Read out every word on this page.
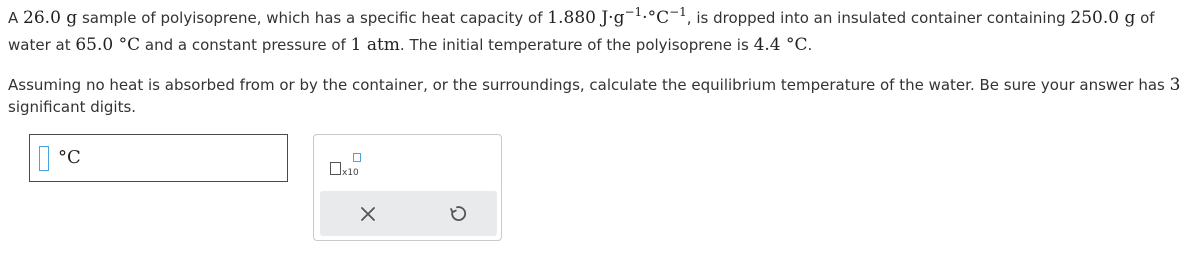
A 26.0 g sample of polyisoprene, which has a specific heat capacity of 1.880 $J\cdot g^{-1}\cdot^\circ C^{-1}$, is dropped into an insulated container containing 250.0 g of water at 65.0 °C and a constant pressure of 1 atm. The initial temperature of the polyisoprene is 4.4 °C.
Assuming no heat is absorbed from or by the container, or the surroundings, calculate the equilibrium temperature of the water. Be sure your answer has 3 significant digits.
°C
x10
